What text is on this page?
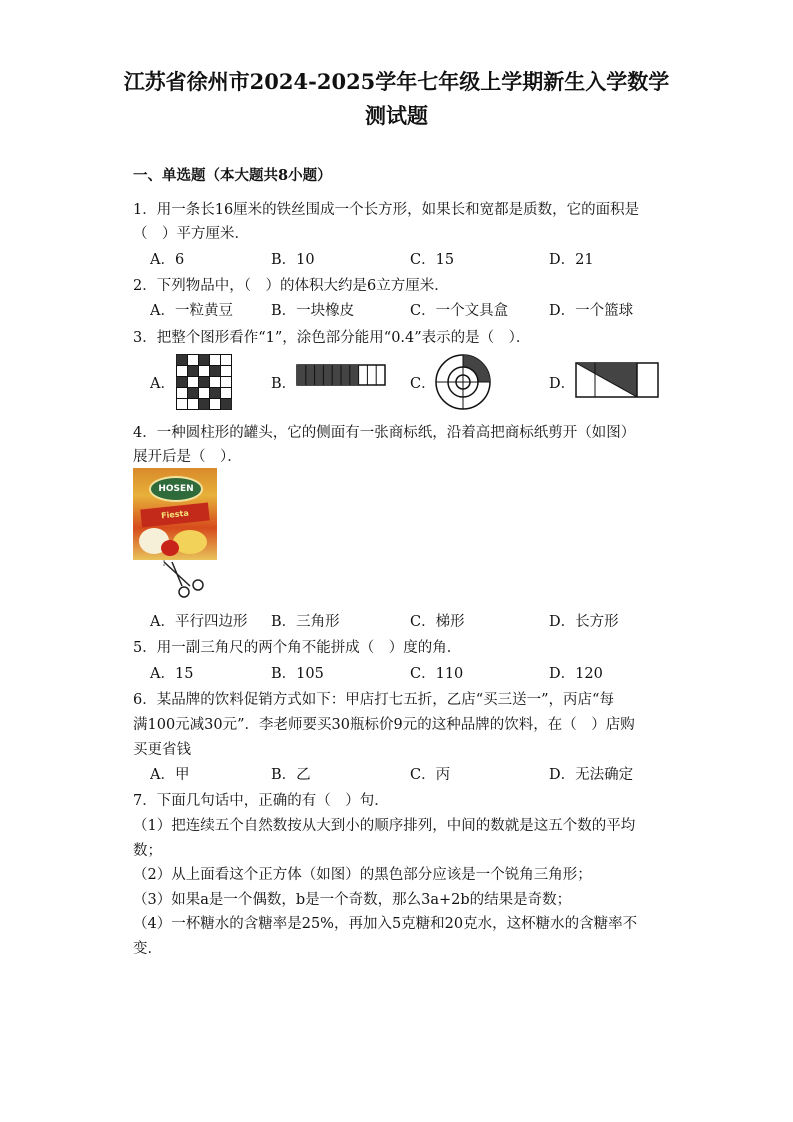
江苏省徐州市2024-2025学年七年级上学期新生入学数学
测试题
一、单选题（本大题共8小题）
1．用一条长16厘米的铁丝围成一个长方形，如果长和宽都是质数，它的面积是
（　）平方厘米．
A．6	B．10	C．15	D．21
2．下列物品中，（　）的体积大约是6立方厘米．
A．一粒黄豆	B．一块橡皮	C．一个文具盒	D．一个篮球
3．把整个图形看作“1”，涂色部分能用“0.4”表示的是（　）．
A．	B．	C．	D．
4．一种圆柱形的罐头，它的侧面有一张商标纸，沿着高把商标纸剪开（如图）
展开后是（　）．
HOSEN
Fiesta
A．平行四边形 B．三角形	C．梯形	D．长方形
5．用一副三角尺的两个角不能拼成（　）度的角．
A．15	B．105	C．110	D．120
6．某品牌的饮料促销方式如下：甲店打七五折，乙店“买三送一”，丙店“每
满100元减30元”．李老师要买30瓶标价9元的这种品牌的饮料，在（　）店购
买更省钱
A．甲	B．乙	C．丙	D．无法确定
7．下面几句话中，正确的有（　）句．
（1）把连续五个自然数按从大到小的顺序排列，中间的数就是这五个数的平均
数；
（2）从上面看这个正方体（如图）的黑色部分应该是一个锐角三角形；
（3）如果a是一个偶数，b是一个奇数，那么3a+2b的结果是奇数；
（4）一杯糖水的含糖率是25%，再加入5克糖和20克水，这杯糖水的含糖率不
变．
